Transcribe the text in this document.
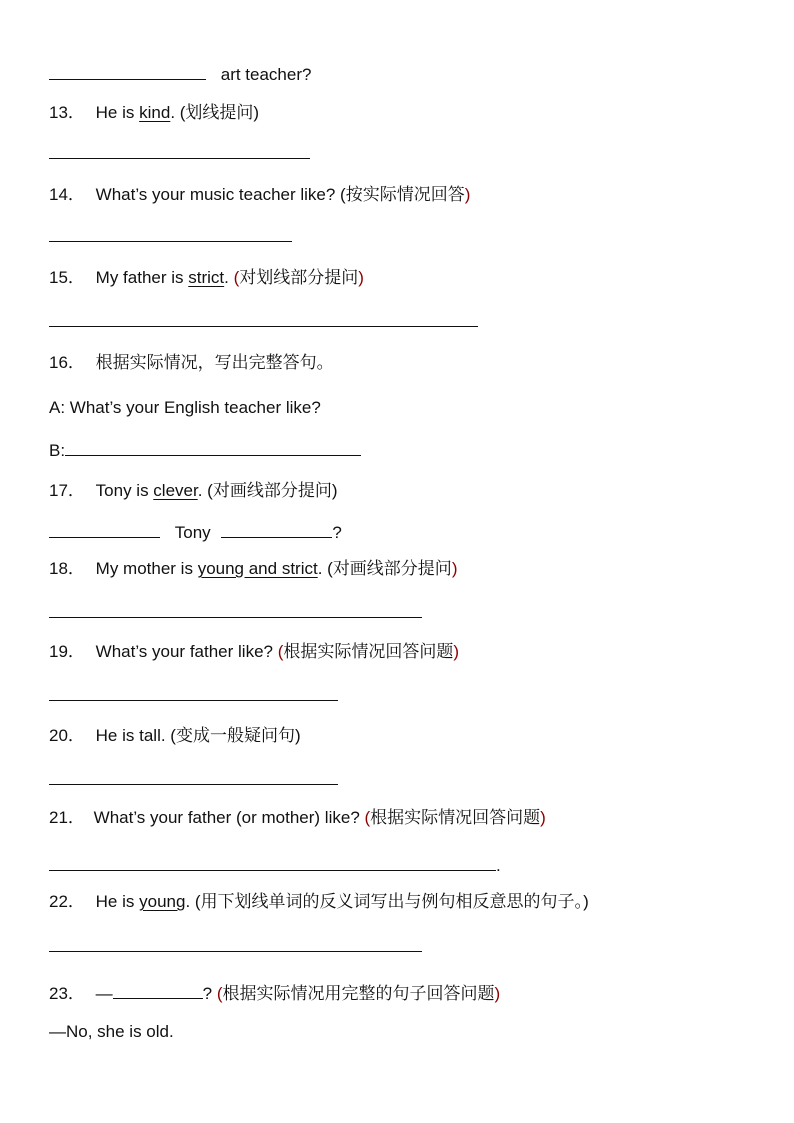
art teacher?
13． He is kind. (划线提问)
14． What’s your music teacher like? (按实际情况回答)
15． My father is strict. (对划线部分提问)
16． 根据实际情况，写出完整答句。
A: What’s your English teacher like?
B:
17． Tony is clever. (对画线部分提问)
Tony	?
18． My mother is young and strict. (对画线部分提问)
19． What’s your father like? (根据实际情况回答问题)
20． He is tall. (变成一般疑问句)
21． What’s your father (or mother) like? (根据实际情况回答问题)
.
22． He is young. (用下划线单词的反义词写出与例句相反意思的句子。)
23． —	? (根据实际情况用完整的句子回答问题)
—No, she is old.
